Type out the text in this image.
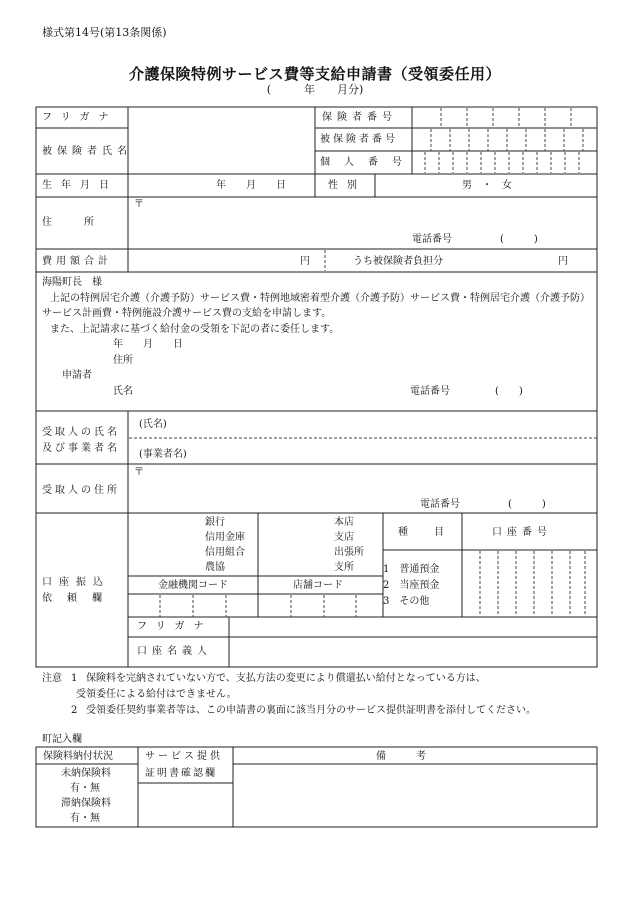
様式第14号(第13条関係)
介護保険特例サービス費等支給申請書（受領委任用）
(　　　年　　月分)
フリガナ
被保険者氏名
保険者番号
被保険者番号
個人番号
生年月日	年　　月　　日	性別	男　・　女
住所
〒
電話番号	(　　　)
費用額合計	円	うち被保険者負担分	円
海陽町長　様
上記の特例居宅介護（介護予防）サービス費・特例地域密着型介護（介護予防）サービス費・特例居宅介護（介護予防）
サービス計画費・特例施設介護サービス費の支給を申請します。
また、上記請求に基づく給付金の受領を下記の者に委任します。
年　　月　　日
住所
申請者
氏名	電話番号	(　　)
受取人の氏名
及び事業者名
(氏名)
(事業者名)
受取人の住所
〒
電話番号	(　　　)
口座振込
依頼欄
銀行
信用金庫
信用組合
農協
本店
支店
出張所
支所
種目 口座番号
1　普通預金
2　当座預金
3　その他
金融機関コード	店舗コード
フリガナ
口座名義人
注意 1 保険料を完納されていない方で、支払方法の変更により償還払い給付となっている方は、
受領委任による給付はできません。
2 受領委任契約事業者等は、この申請書の裏面に該当月分のサービス提供証明書を添付してください。
町記入欄
保険料納付状況
未納保険料
有・無
滞納保険料
有・無
サービス提供
証明書確認欄
備　　　考
